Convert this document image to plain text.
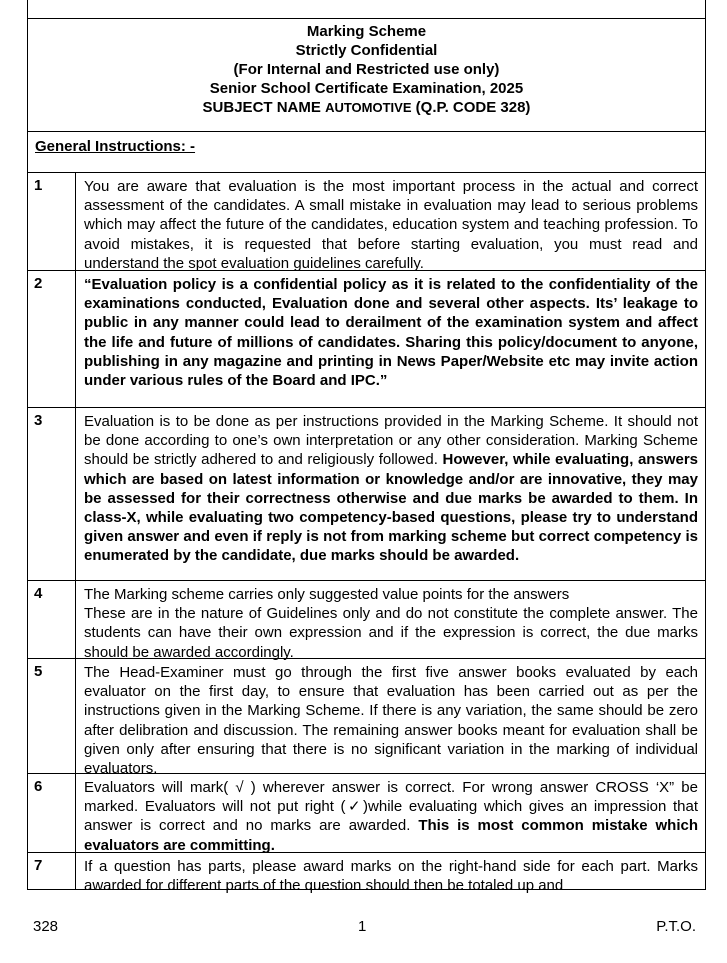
Marking Scheme
Strictly Confidential
(For Internal and Restricted use only)
Senior School Certificate Examination, 2025
SUBJECT NAME AUTOMOTIVE (Q.P. CODE 328)
General Instructions: -
1	You are aware that evaluation is the most important process in the actual and correct assessment of the candidates. A small mistake in evaluation may lead to serious problems which may affect the future of the candidates, education system and teaching profession. To avoid mistakes, it is requested that before starting evaluation, you must read and understand the spot evaluation guidelines carefully.
2	“Evaluation policy is a confidential policy as it is related to the confidentiality of the examinations conducted, Evaluation done and several other aspects. Its’ leakage to public in any manner could lead to derailment of the examination system and affect the life and future of millions of candidates. Sharing this policy/document to anyone, publishing in any magazine and printing in News Paper/Website etc may invite action under various rules of the Board and IPC.”
3	Evaluation is to be done as per instructions provided in the Marking Scheme. It should not be done according to one’s own interpretation or any other consideration. Marking Scheme should be strictly adhered to and religiously followed. However, while evaluating, answers which are based on latest information or knowledge and/or are innovative, they may be assessed for their correctness otherwise and due marks be awarded to them. In class-X, while evaluating two competency-based questions, please try to understand given answer and even if reply is not from marking scheme but correct competency is enumerated by the candidate, due marks should be awarded.
4	The Marking scheme carries only suggested value points for the answers
These are in the nature of Guidelines only and do not constitute the complete answer. The students can have their own expression and if the expression is correct, the due marks should be awarded accordingly.
5	The Head-Examiner must go through the first five answer books evaluated by each evaluator on the first day, to ensure that evaluation has been carried out as per the instructions given in the Marking Scheme. If there is any variation, the same should be zero after delibration and discussion. The remaining answer books meant for evaluation shall be given only after ensuring that there is no significant variation in the marking of individual evaluators.
6	Evaluators will mark( √ ) wherever answer is correct. For wrong answer CROSS ‘X” be marked. Evaluators will not put right (✓)while evaluating which gives an impression that answer is correct and no marks are awarded. This is most common mistake which evaluators are committing.
7	If a question has parts, please award marks on the right-hand side for each part. Marks awarded for different parts of the question should then be totaled up and
328	1	P.T.O.
